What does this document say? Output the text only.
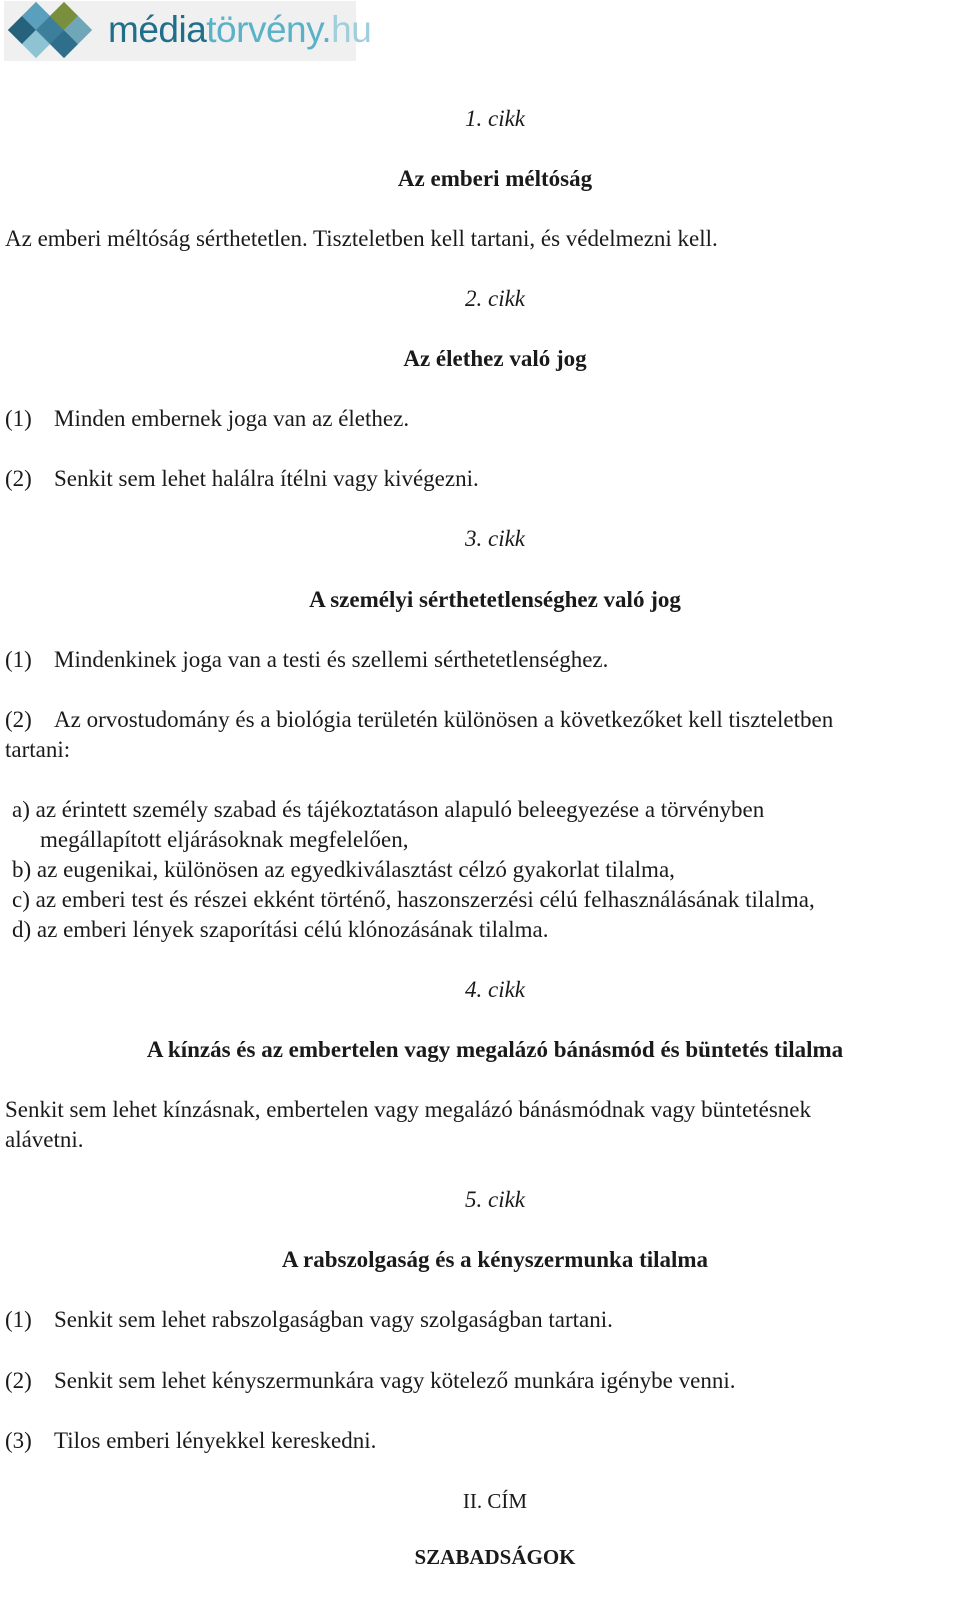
médiatörvény.hu
1. cikk
Az emberi méltóság
Az emberi méltóság sérthetetlen. Tiszteletben kell tartani, és védelmezni kell.
2. cikk
Az élethez való jog
(1) Minden embernek joga van az élethez.
(2) Senkit sem lehet halálra ítélni vagy kivégezni.
3. cikk
A személyi sérthetetlenséghez való jog
(1) Mindenkinek joga van a testi és szellemi sérthetetlenséghez.
(2) Az orvostudomány és a biológia területén különösen a következőket kell tiszteletben
tartani:
a) az érintett személy szabad és tájékoztatáson alapuló beleegyezése a törvényben
megállapított eljárásoknak megfelelően,
b) az eugenikai, különösen az egyedkiválasztást célzó gyakorlat tilalma,
c) az emberi test és részei ekként történő, haszonszerzési célú felhasználásának tilalma,
d) az emberi lények szaporítási célú klónozásának tilalma.
4. cikk
A kínzás és az embertelen vagy megalázó bánásmód és büntetés tilalma
Senkit sem lehet kínzásnak, embertelen vagy megalázó bánásmódnak vagy büntetésnek
alávetni.
5. cikk
A rabszolgaság és a kényszermunka tilalma
(1) Senkit sem lehet rabszolgaságban vagy szolgaságban tartani.
(2) Senkit sem lehet kényszermunkára vagy kötelező munkára igénybe venni.
(3) Tilos emberi lényekkel kereskedni.
II. CÍM
SZABADSÁGOK
